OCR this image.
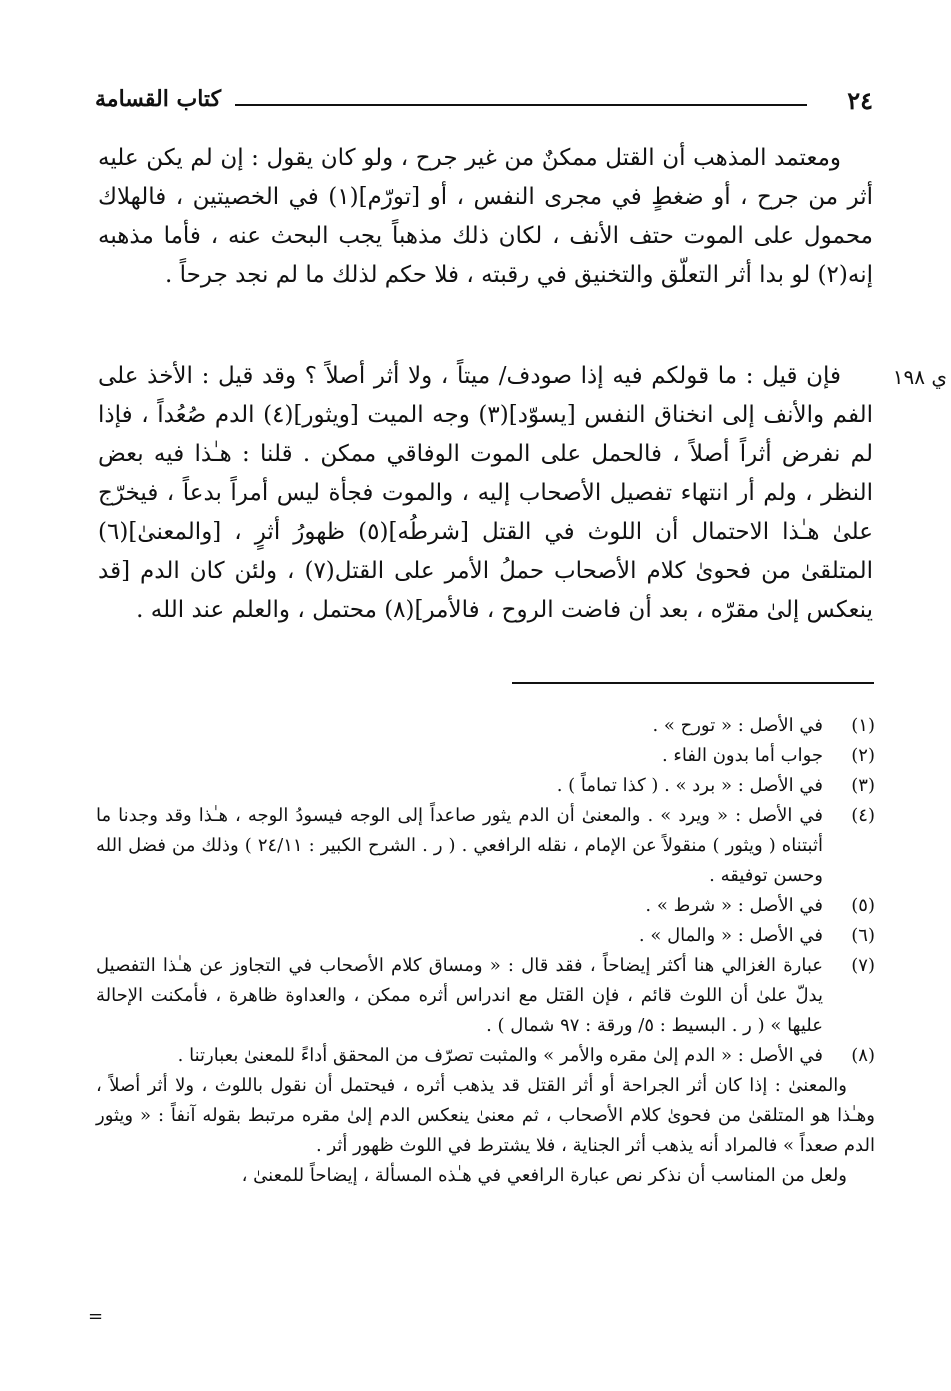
٢٤
كتاب القسامة
ي ١٩٨

ومعتمد المذهب أن القتل ممكنٌ من غير جرح ، ولو كان يقول : إن لم يكن عليه أثر من جرح ، أو ضغطٍ في مجرى النفس ، أو [تورّم](١) في الخصيتين ، فالهلاك محمول على الموت حتف الأنف ، لكان ذلك مذهباً يجب البحث عنه ، فأما مذهبه إنه(٢) لو بدا أثر التعلّق والتخنيق في رقبته ، فلا حكم لذلك ما لم نجد جرحاً .

فإن قيل : ما قولكم فيه إذا صودف/ ميتاً ، ولا أثر أصلاً ؟ وقد قيل : الأخذ على الفم والأنف إلى انخناق النفس [يسوّد](٣) وجه الميت [ويثور](٤) الدم صُعُداً ، فإذا لم نفرض أثراً أصلاً ، فالحمل على الموت الوفاقي ممكن . قلنا : هـٰذا فيه بعض النظر ، ولم أر انتهاء تفصيل الأصحاب إليه ، والموت فجأة ليس أمراً بدعاً ، فيخرّج علىٰ هـٰذا الاحتمال أن اللوث في القتل [شرطُه](٥) ظهورُ أثرٍ ، [والمعنىٰ](٦) المتلقىٰ من فحوىٰ كلام الأصحاب حملُ الأمر على القتل(٧) ، ولئن كان الدم [قد ينعكس إلىٰ مقرّه ، بعد أن فاضت الروح ، فالأمر](٨) محتمل ، والعلم عند الله .

(١)

في الأصل : « تورح » .

(٢)

جواب أما بدون الفاء .

(٣)

في الأصل : « برد » . ( كذا تماماً ) .

(٤)

في الأصل : « ويرد » . والمعنىٰ أن الدم يثور صاعداً إلى الوجه فيسودُ الوجه ، هـٰذا وقد وجدنا ما أثبتناه ( ويثور ) منقولاً عن الإمام ، نقله الرافعي . ( ر . الشرح الكبير : ٢٤/١١ ) وذلك من فضل الله وحسن توفيقه .

(٥)

في الأصل : « شرط » .

(٦)

في الأصل : « والمال » .

(٧)

عبارة الغزالي هنا أكثر إيضاحاً ، فقد قال : « ومساق كلام الأصحاب في التجاوز عن هـٰذا التفصيل يدلّ علىٰ أن اللوث قائم ، فإن القتل مع اندراس أثره ممكن ، والعداوة ظاهرة ، فأمكنت الإحالة عليها » ( ر . البسيط : ٥/ ورقة : ٩٧ شمال ) .

(٨)

في الأصل : « الدم إلىٰ مقره والأمر » والمثبت تصرّف من المحقق أداءً للمعنىٰ بعبارتنا .

والمعنىٰ : إذا كان أثر الجراحة أو أثر القتل قد يذهب أثره ، فيحتمل أن نقول باللوث ، ولا أثر أصلاً ، وهـٰذا هو المتلقىٰ من فحوىٰ كلام الأصحاب ، ثم معنىٰ ينعكس الدم إلىٰ مقره مرتبط بقوله آنفاً : « ويثور الدم صعداً » فالمراد أنه يذهب أثر الجناية ، فلا يشترط في اللوث ظهور أثر .

ولعل من المناسب أن نذكر نص عبارة الرافعي في هـٰذه المسألة ، إيضاحاً للمعنىٰ ،

=
